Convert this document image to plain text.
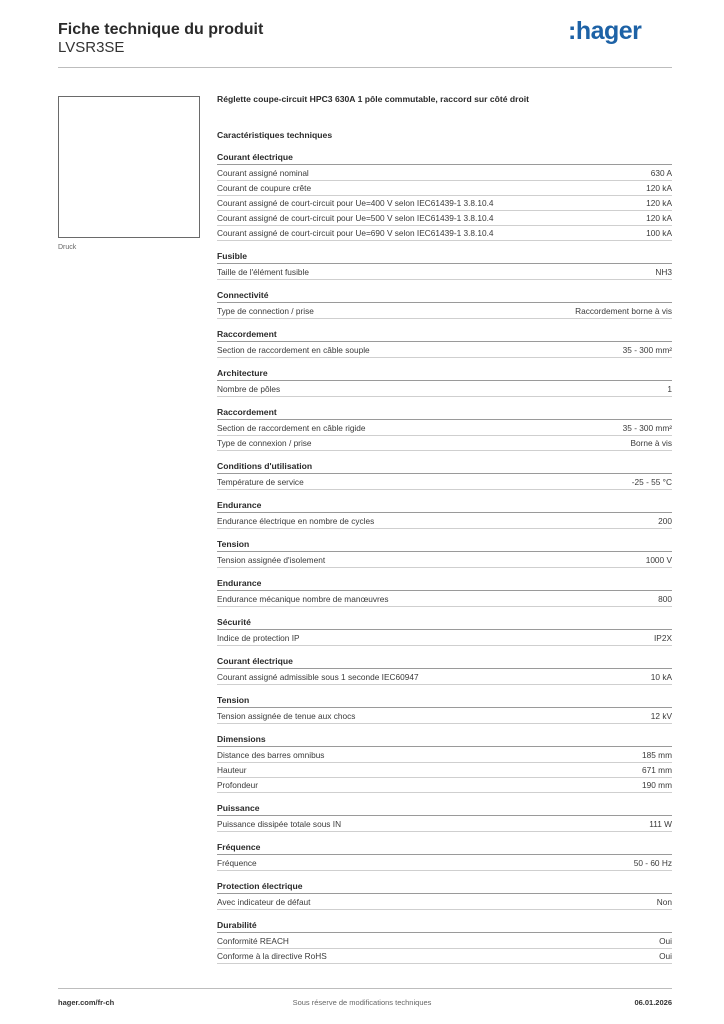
Fiche technique du produit
LVSR3SE
:hager
Druck
Réglette coupe-circuit HPC3 630A 1 pôle commutable, raccord sur côté droit
Caractéristiques techniques
Courant électrique
Courant assigné nominal	630 A
Courant de coupure crête	120 kA
Courant assigné de court-circuit pour Ue=400 V selon IEC61439-1 3.8.10.4	120 kA
Courant assigné de court-circuit pour Ue=500 V selon IEC61439-1 3.8.10.4	120 kA
Courant assigné de court-circuit pour Ue=690 V selon IEC61439-1 3.8.10.4	100 kA
Fusible
Taille de l'élément fusible	NH3
Connectivité
Type de connection / prise	Raccordement borne à vis
Raccordement
Section de raccordement en câble souple	35 - 300 mm²
Architecture
Nombre de pôles	1
Raccordement
Section de raccordement en câble rigide	35 - 300 mm²
Type de connexion / prise	Borne à vis
Conditions d'utilisation
Température de service	-25 - 55 °C
Endurance
Endurance électrique en nombre de cycles	200
Tension
Tension assignée d'isolement	1000 V
Endurance
Endurance mécanique nombre de manœuvres	800
Sécurité
Indice de protection IP	IP2X
Courant électrique
Courant assigné admissible sous 1 seconde IEC60947	10 kA
Tension
Tension assignée de tenue aux chocs	12 kV
Dimensions
Distance des barres omnibus	185 mm
Hauteur	671 mm
Profondeur	190 mm
Puissance
Puissance dissipée totale sous IN	111 W
Fréquence
Fréquence	50 - 60 Hz
Protection électrique
Avec indicateur de défaut	Non
Durabilité
Conformité REACH	Oui
Conforme à la directive RoHS	Oui
hager.com/fr-ch	Sous réserve de modifications techniques	06.01.2026
